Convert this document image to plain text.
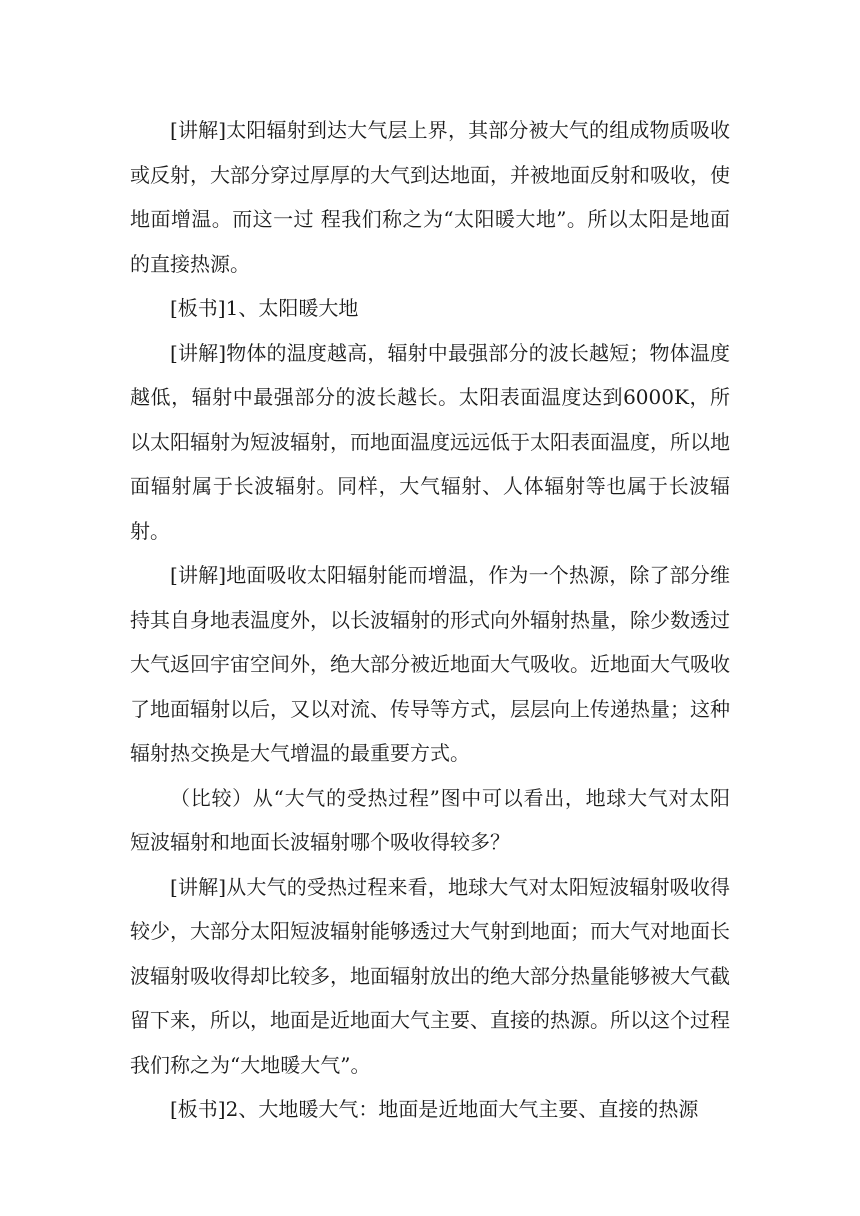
[讲解]太阳辐射到达大气层上界，其部分被大气的组成物质吸收或反射，大部分穿过厚厚的大气到达地面，并被地面反射和吸收，使地面增温。而这一过 程我们称之为“太阳暖大地”。所以太阳是地面的直接热源。

[板书]1、太阳暖大地

[讲解]物体的温度越高，辐射中最强部分的波长越短；物体温度越低，辐射中最强部分的波长越长。太阳表面温度达到6000K，所以太阳辐射为短波辐射，而地面温度远远低于太阳表面温度，所以地面辐射属于长波辐射。同样，大气辐射、人体辐射等也属于长波辐射。

[讲解]地面吸收太阳辐射能而增温，作为一个热源，除了部分维持其自身地表温度外，以长波辐射的形式向外辐射热量，除少数透过大气返回宇宙空间外，绝大部分被近地面大气吸收。近地面大气吸收了地面辐射以后，又以对流、传导等方式，层层向上传递热量；这种辐射热交换是大气增温的最重要方式。

（比较）从“大气的受热过程”图中可以看出，地球大气对太阳短波辐射和地面长波辐射哪个吸收得较多？

[讲解]从大气的受热过程来看，地球大气对太阳短波辐射吸收得较少，大部分太阳短波辐射能够透过大气射到地面；而大气对地面长波辐射吸收得却比较多，地面辐射放出的绝大部分热量能够被大气截留下来，所以，地面是近地面大气主要、直接的热源。所以这个过程我们称之为“大地暖大气”。

[板书]2、大地暖大气：地面是近地面大气主要、直接的热源
